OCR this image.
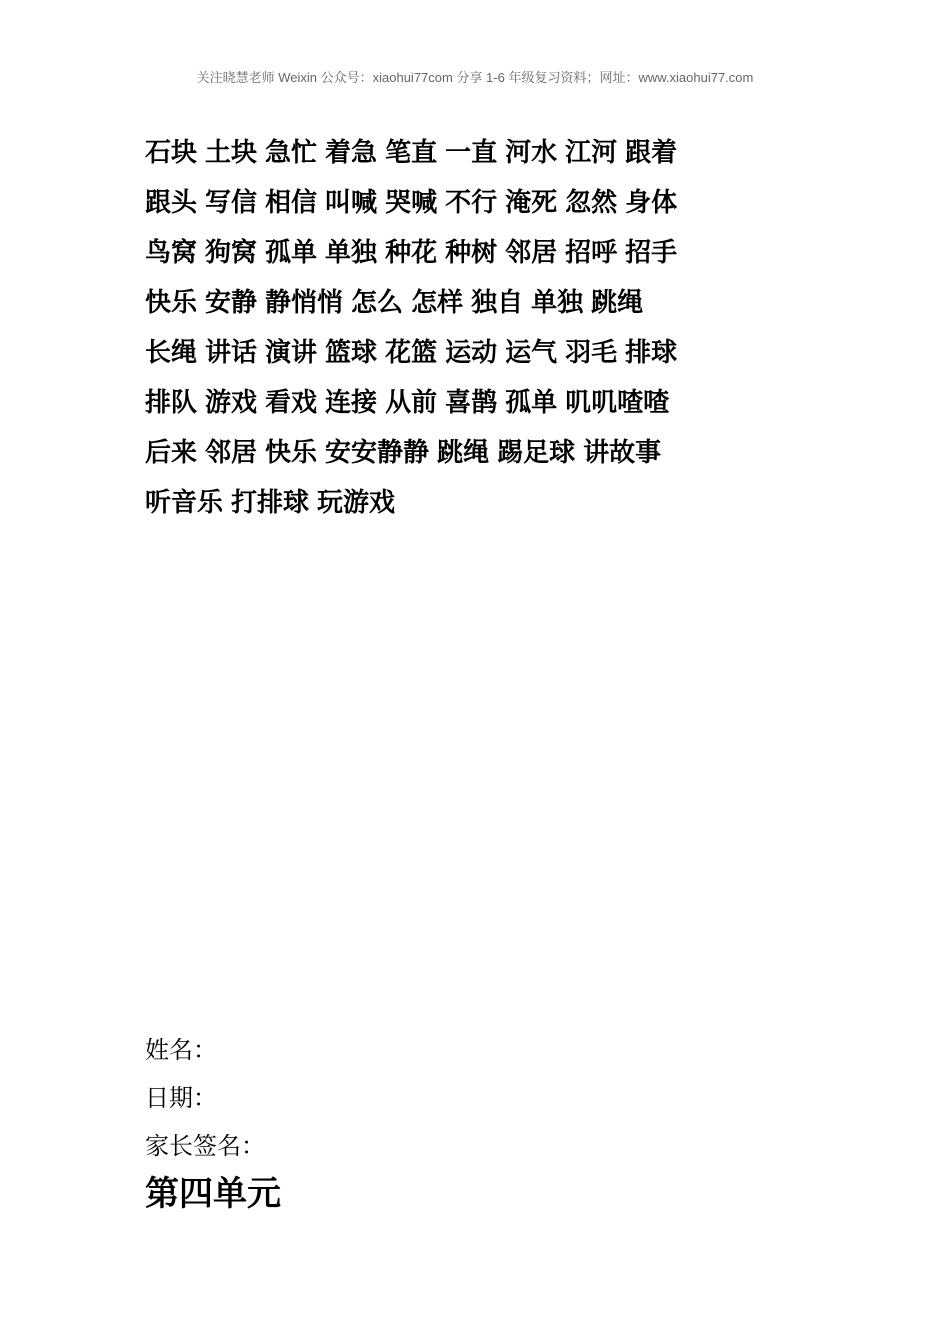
关注晓慧老师 Weixin 公众号：xiaohui77com 分享 1-6 年级复习资料；网址：www.xiaohui77.com
石块 土块 急忙 着急 笔直 一直 河水 江河 跟着
跟头 写信 相信 叫喊 哭喊 不行 淹死 忽然 身体
鸟窝 狗窝 孤单 单独 种花 种树 邻居 招呼 招手
快乐 安静 静悄悄 怎么 怎样 独自 单独 跳绳
长绳 讲话 演讲 篮球 花篮 运动 运气 羽毛 排球
排队 游戏 看戏 连接 从前 喜鹊 孤单 叽叽喳喳
后来 邻居 快乐 安安静静 跳绳 踢足球 讲故事
听音乐 打排球 玩游戏
姓名：
日期：
家长签名：
第四单元
